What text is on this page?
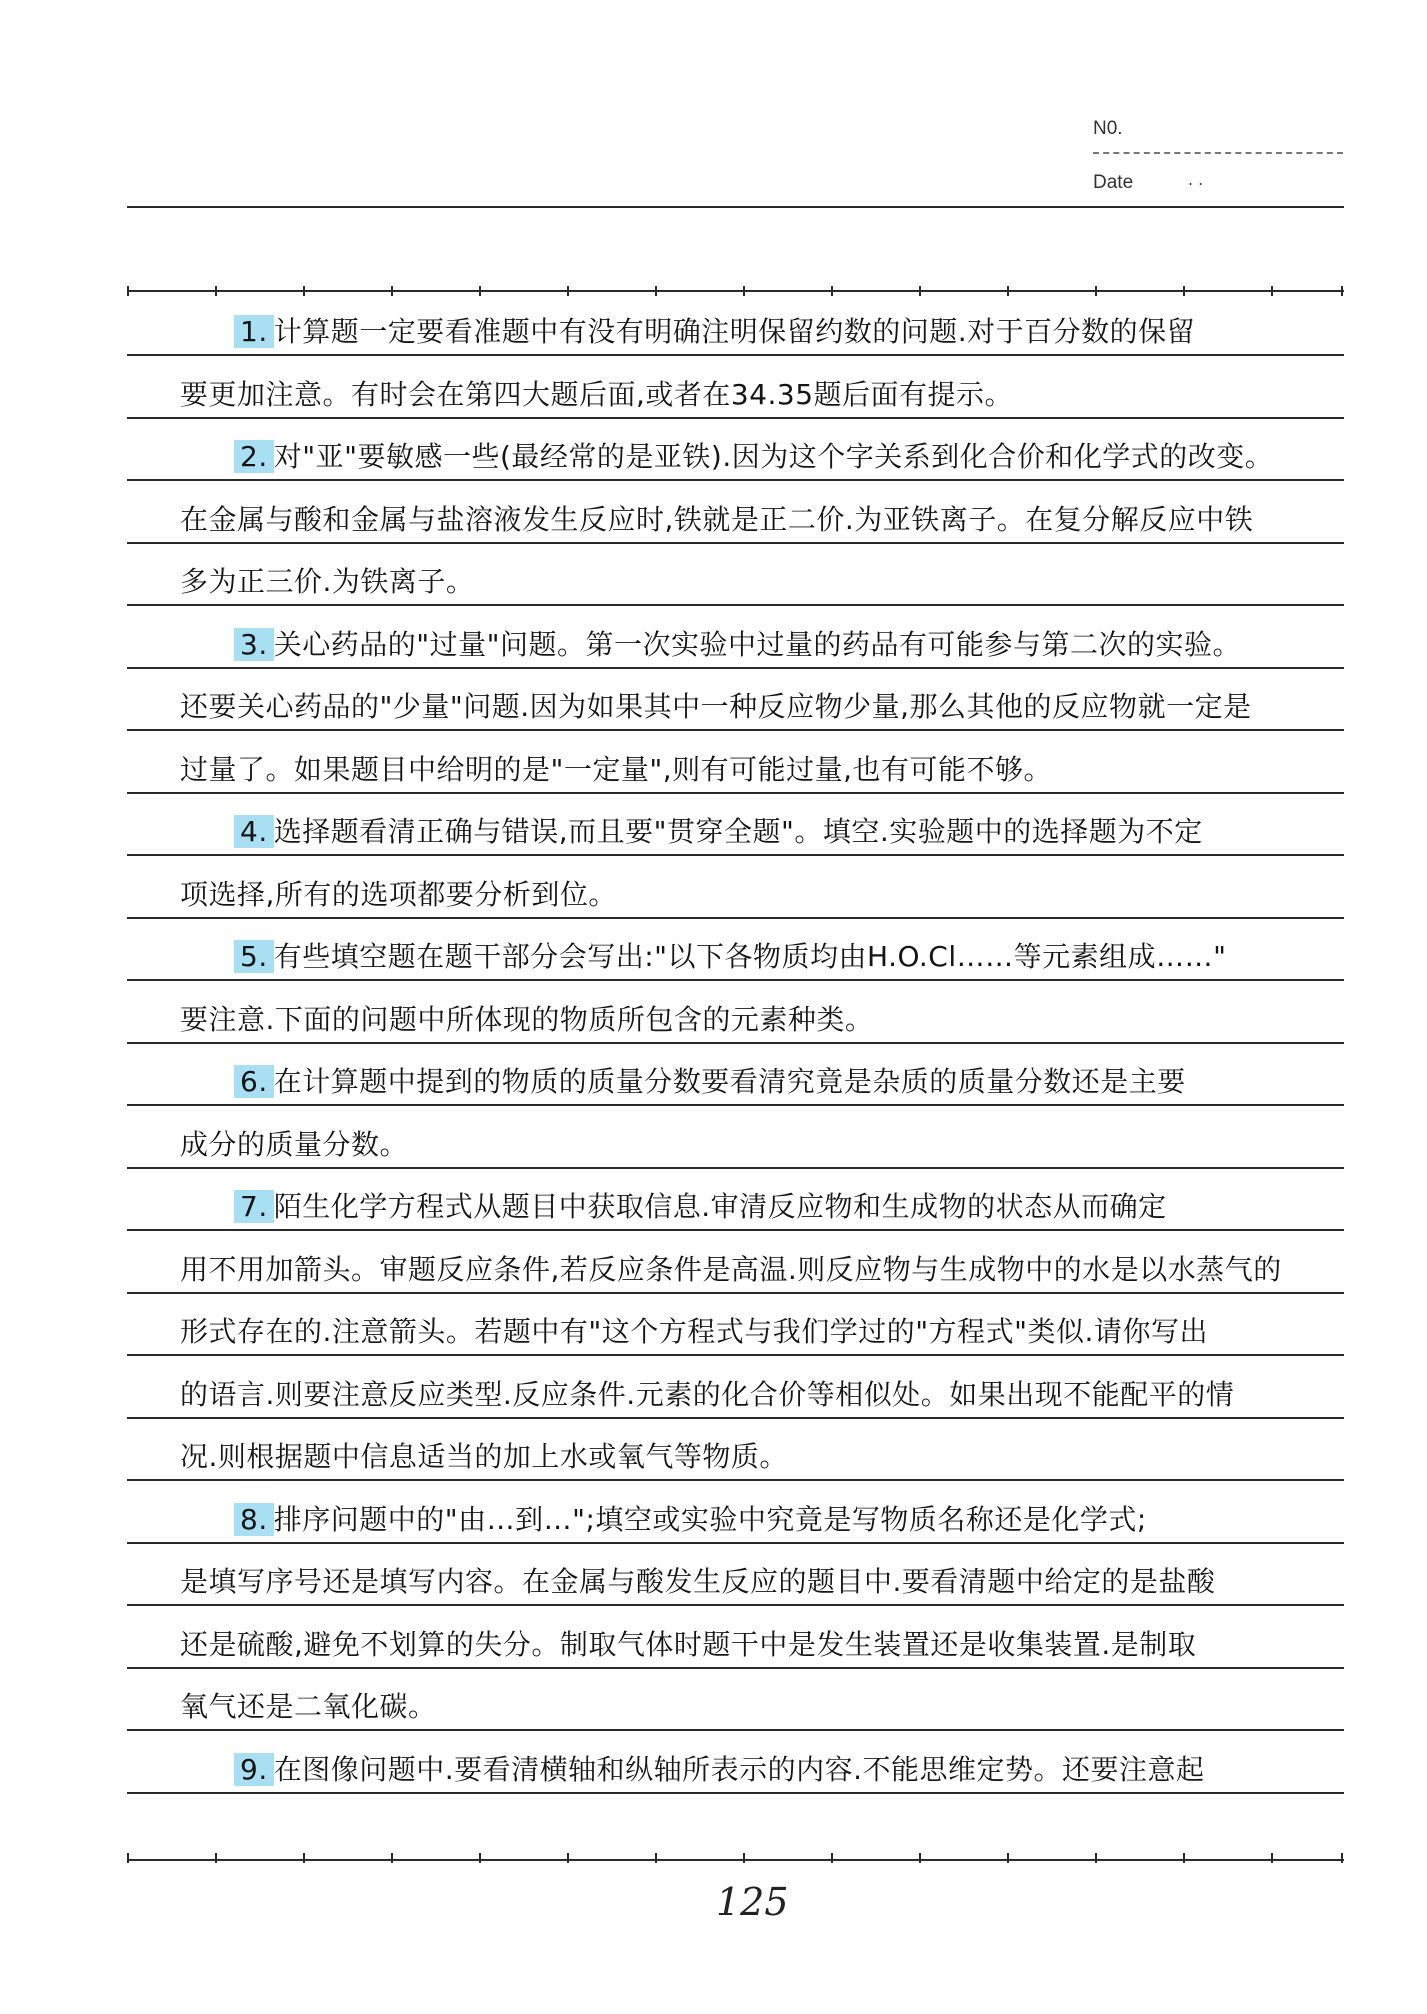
N0.
Date	. .
1. 计算题一定要看准题中有没有明确注明保留约数的问题.对于百分数的保留
要更加注意。有时会在第四大题后面,或者在34.35题后面有提示。
2. 对"亚"要敏感一些(最经常的是亚铁).因为这个字关系到化合价和化学式的改变。
在金属与酸和金属与盐溶液发生反应时,铁就是正二价.为亚铁离子。在复分解反应中铁
多为正三价.为铁离子。
3. 关心药品的"过量"问题。第一次实验中过量的药品有可能参与第二次的实验。
还要关心药品的"少量"问题.因为如果其中一种反应物少量,那么其他的反应物就一定是
过量了。如果题目中给明的是"一定量",则有可能过量,也有可能不够。
4. 选择题看清正确与错误,而且要"贯穿全题"。填空.实验题中的选择题为不定
项选择,所有的选项都要分析到位。
5. 有些填空题在题干部分会写出:"以下各物质均由H.O.Cl……等元素组成……"
要注意.下面的问题中所体现的物质所包含的元素种类。
6. 在计算题中提到的物质的质量分数要看清究竟是杂质的质量分数还是主要
成分的质量分数。
7. 陌生化学方程式从题目中获取信息.审清反应物和生成物的状态从而确定
用不用加箭头。审题反应条件,若反应条件是高温.则反应物与生成物中的水是以水蒸气的
形式存在的.注意箭头。若题中有"这个方程式与我们学过的"方程式"类似.请你写出
的语言.则要注意反应类型.反应条件.元素的化合价等相似处。如果出现不能配平的情
况.则根据题中信息适当的加上水或氧气等物质。
8. 排序问题中的"由…到…";填空或实验中究竟是写物质名称还是化学式;
是填写序号还是填写内容。在金属与酸发生反应的题目中.要看清题中给定的是盐酸
还是硫酸,避免不划算的失分。制取气体时题干中是发生装置还是收集装置.是制取
氧气还是二氧化碳。
9. 在图像问题中.要看清横轴和纵轴所表示的内容.不能思维定势。还要注意起
125
